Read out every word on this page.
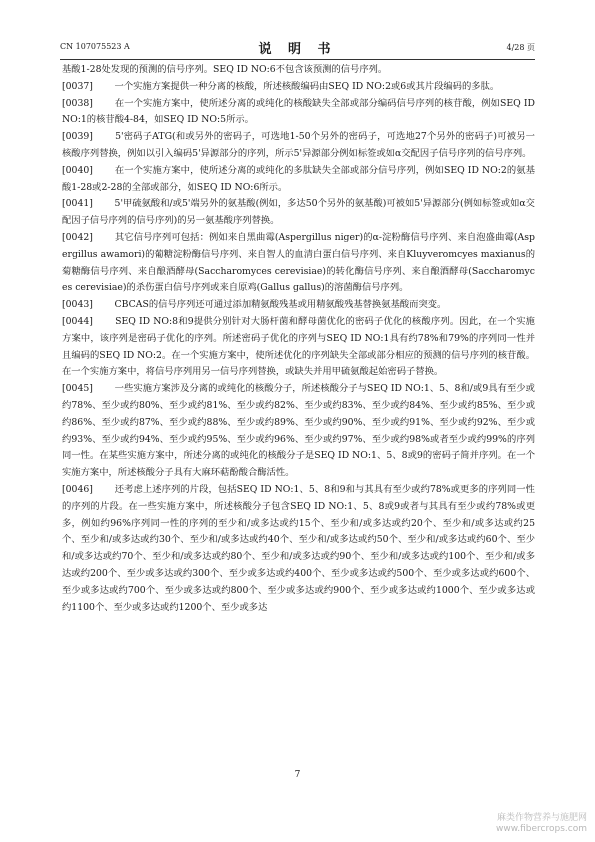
CN 107075523 A	说 明 书	4/28 页

基酸1-28处发现的预测的信号序列。SEQ ID NO:6不包含该预测的信号序列。

[0037]　　 一个实施方案提供一种分离的核酸，所述核酸编码由SEQ ID NO:2或6或其片段编码的多肽。

[0038]　　 在一个实施方案中，使所述分离的或纯化的核酸缺失全部或部分编码信号序列的核苷酸，例如SEQ ID NO:1的核苷酸4-84，如SEQ ID NO:5所示。

[0039]　　 5'密码子ATG(和或另外的密码子，可选地1-50个另外的密码子，可选地27个另外的密码子)可被另一核酸序列替换，例如以引入编码5'异源部分的序列，所示5'异源部分例如标签或如α交配因子信号序列的信号序列。

[0040]　　 在一个实施方案中，使所述分离的或纯化的多肽缺失全部或部分信号序列，例如SEQ ID NO:2的氨基酸1-28或2-28的全部或部分，如SEQ ID NO:6所示。

[0041]　　 5'甲硫氨酸和/或5'端另外的氨基酸(例如，多达50个另外的氨基酸)可被如5'异源部分(例如标签或如α交配因子信号序列的信号序列)的另一氨基酸序列替换。

[0042]　　 其它信号序列可包括：例如来自黑曲霉(Aspergillus niger)的α-淀粉酶信号序列、来自泡盛曲霉(Aspergillus awamori)的葡糖淀粉酶信号序列、来自智人的血清白蛋白信号序列、来自Kluyveromcyes maxianus的菊糖酶信号序列、来自酿酒酵母(Saccharomyces cerevisiae)的转化酶信号序列、来自酿酒酵母(Saccharomyces cerevisiae)的杀伤蛋白信号序列或来自原鸡(Gallus gallus)的溶菌酶信号序列。

[0043]　　 CBCAS的信号序列还可通过添加精氨酸残基或用精氨酸残基替换氨基酸而突变。

[0044]　　 SEQ ID NO:8和9提供分别针对大肠杆菌和酵母菌优化的密码子优化的核酸序列。因此，在一个实施方案中，该序列是密码子优化的序列。所述密码子优化的序列与SEQ ID NO:1具有约78%和79%的序列同一性并且编码的SEQ ID NO:2。在一个实施方案中，使所述优化的序列缺失全部或部分相应的预测的信号序列的核苷酸。在一个实施方案中，将信号序列用另一信号序列替换，或缺失并用甲硫氨酸起始密码子替换。

[0045]　　 一些实施方案涉及分离的或纯化的核酸分子，所述核酸分子与SEQ ID NO:1、5、8和/或9具有至少或约78%、至少或约80%、至少或约81%、至少或约82%、至少或约83%、至少或约84%、至少或约85%、至少或约86%、至少或约87%、至少或约88%、至少或约89%、至少或约90%、至少或约91%、至少或约92%、至少或约93%、至少或约94%、至少或约95%、至少或约96%、至少或约97%、至少或约98%或者至少或约99%的序列同一性。在某些实施方案中，所述分离的或纯化的核酸分子是SEQ ID NO:1、5、8或9的密码子简并序列。在一个实施方案中，所述核酸分子具有大麻环萜酚酸合酶活性。

[0046]　　 还考虑上述序列的片段，包括SEQ ID NO:1、5、8和9和与其具有至少或约78%或更多的序列同一性的序列的片段。在一些实施方案中，所述核酸分子包含SEQ ID NO:1、5、8或9或者与其具有至少或约78%或更多，例如约96%序列同一性的序列的至少和/或多达或约15个、至少和/或多达或约20个、至少和/或多达或约25个、至少和/或多达或约30个、至少和/或多达或约40个、至少和/或多达或约50个、至少和/或多达或约60个、至少和/或多达或约70个、至少和/或多达或约80个、至少和/或多达或约90个、至少和/或多达或约100个、至少和/或多达或约200个、至少或多达或约300个、至少或多达或约400个、至少或多达或约500个、至少或多达或约600个、至少或多达或约700个、至少或多达或约800个、至少或多达或约900个、至少或多达或约1000个、至少或多达或约1100个、至少或多达或约1200个、至少或多达

7
麻类作物营养与施肥网
www.fibercrops.com
